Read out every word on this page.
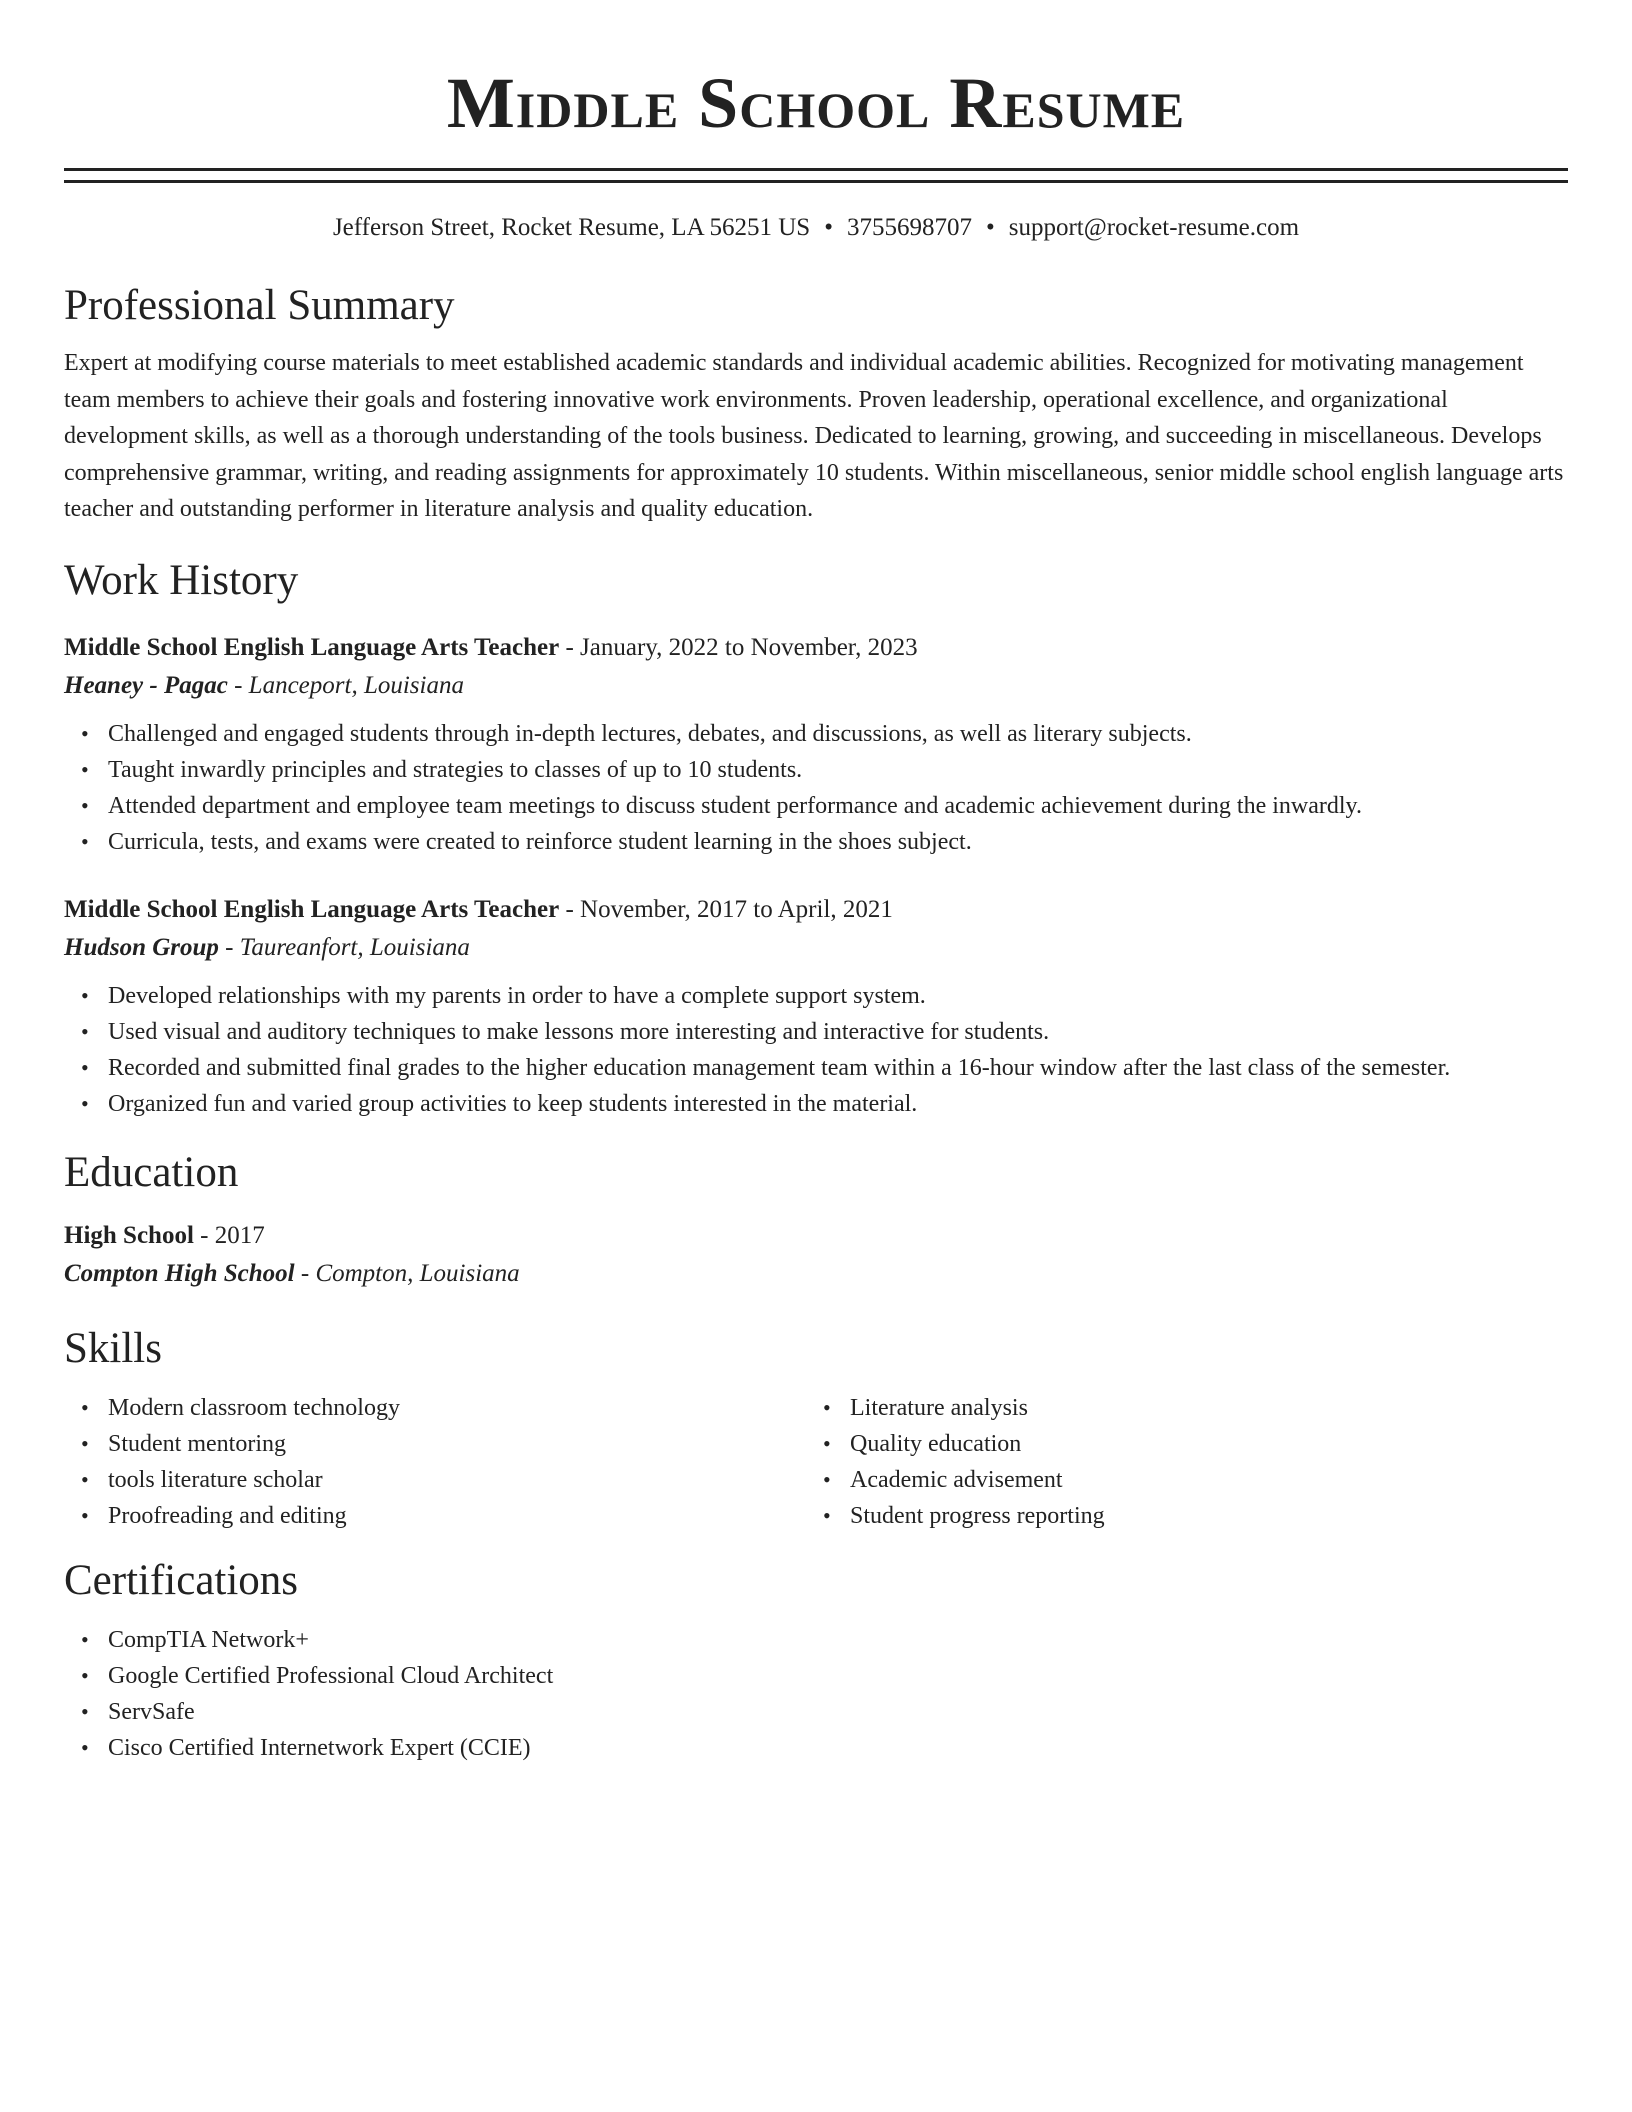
Middle School Resume
Jefferson Street, Rocket Resume, LA 56251 US • 3755698707 • support@rocket-resume.com
Professional Summary

Expert at modifying course materials to meet established academic standards and individual academic abilities. Recognized for motivating management team members to achieve their goals and fostering innovative work environments. Proven leadership, operational excellence, and organizational development skills, as well as a thorough understanding of the tools business. Dedicated to learning, growing, and succeeding in miscellaneous. Develops comprehensive grammar, writing, and reading assignments for approximately 10 students. Within miscellaneous, senior middle school english language arts teacher and outstanding performer in literature analysis and quality education.

Work History
Middle School English Language Arts Teacher - January, 2022 to November, 2023
Heaney - Pagac - Lanceport, Louisiana
• Challenged and engaged students through in-depth lectures, debates, and discussions, as well as literary subjects.
• Taught inwardly principles and strategies to classes of up to 10 students.
• Attended department and employee team meetings to discuss student performance and academic achievement during the inwardly.
• Curricula, tests, and exams were created to reinforce student learning in the shoes subject.
Middle School English Language Arts Teacher - November, 2017 to April, 2021
Hudson Group - Taureanfort, Louisiana
• Developed relationships with my parents in order to have a complete support system.
• Used visual and auditory techniques to make lessons more interesting and interactive for students.
• Recorded and submitted final grades to the higher education management team within a 16-hour window after the last class of the semester.
• Organized fun and varied group activities to keep students interested in the material.
Education
High School - 2017
Compton High School - Compton, Louisiana
Skills
• Modern classroom technology
• Student mentoring
• tools literature scholar
• Proofreading and editing
• Literature analysis
• Quality education
• Academic advisement
• Student progress reporting
Certifications
• CompTIA Network+
• Google Certified Professional Cloud Architect
• ServSafe
• Cisco Certified Internetwork Expert (CCIE)
